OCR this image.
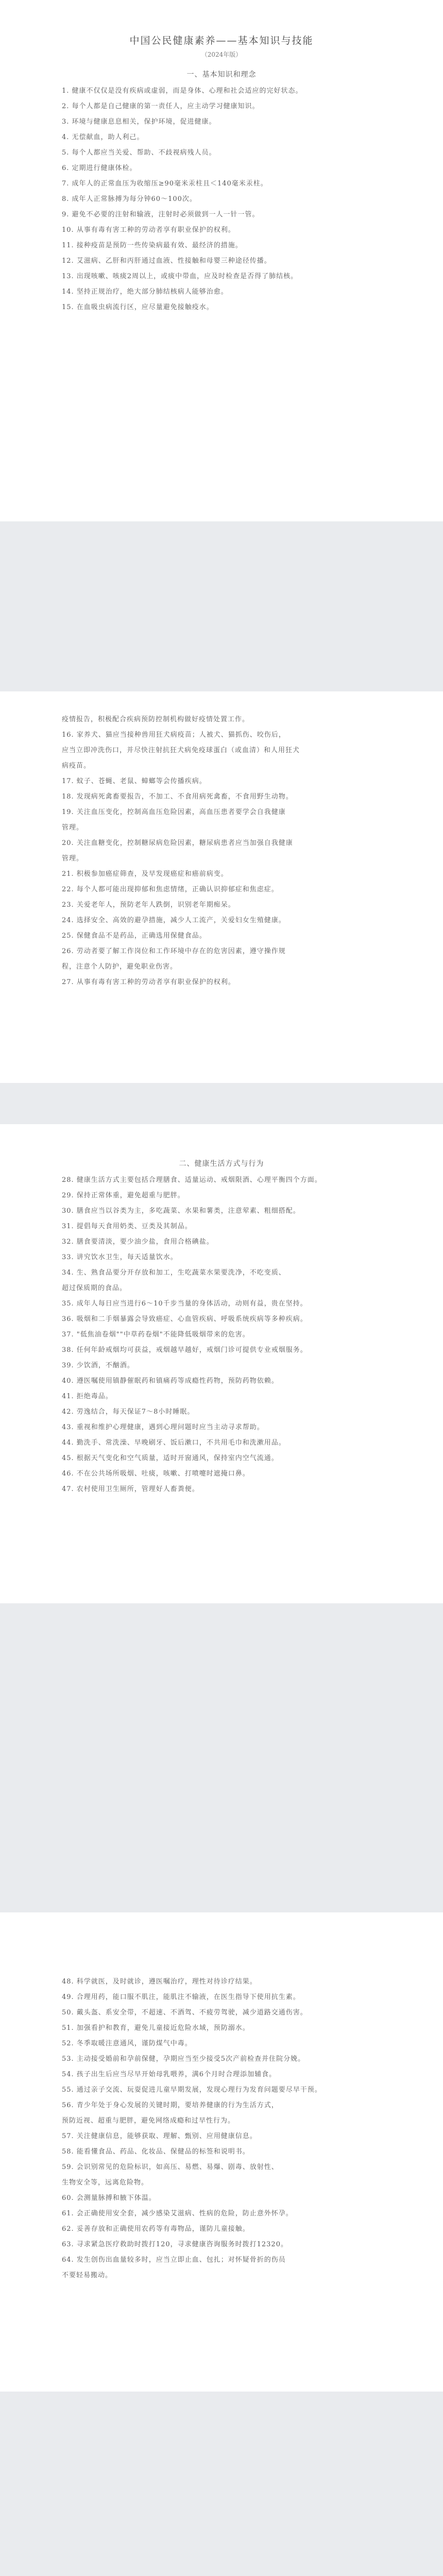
中国公民健康素养——基本知识与技能
（2024年版）
一、基本知识和理念
1. 健康不仅仅是没有疾病或虚弱，而是身体、心理和社会适应的完好状态。
2. 每个人都是自己健康的第一责任人，应主动学习健康知识。
3. 环境与健康息息相关，保护环境，促进健康。
4. 无偿献血，助人利己。
5. 每个人都应当关爱、帮助、不歧视病残人员。
6. 定期进行健康体检。
7. 成年人的正常血压为收缩压≥90毫米汞柱且＜140毫米汞柱。
8. 成年人正常脉搏为每分钟60～100次。
9. 避免不必要的注射和输液，注射时必须做到一人一针一管。
10. 从事有毒有害工种的劳动者享有职业保护的权利。
11. 接种疫苗是预防一些传染病最有效、最经济的措施。
12. 艾滋病、乙肝和丙肝通过血液、性接触和母婴三种途径传播。
13. 出现咳嗽、咳痰2周以上，或痰中带血，应及时检查是否得了肺结核。
14. 坚持正规治疗，绝大部分肺结核病人能够治愈。
15. 在血吸虫病流行区，应尽量避免接触疫水。
疫情报告，积极配合疾病预防控制机构做好疫情处置工作。
16. 家养犬、猫应当接种兽用狂犬病疫苗；人被犬、猫抓伤、咬伤后，
应当立即冲洗伤口，并尽快注射抗狂犬病免疫球蛋白（或血清）和人用狂犬
病疫苗。
17. 蚊子、苍蝇、老鼠、蟑螂等会传播疾病。
18. 发现病死禽畜要报告，不加工、不食用病死禽畜，不食用野生动物。
19. 关注血压变化，控制高血压危险因素，高血压患者要学会自我健康
管理。
20. 关注血糖变化，控制糖尿病危险因素，糖尿病患者应当加强自我健康
管理。
21. 积极参加癌症筛查，及早发现癌症和癌前病变。
22. 每个人都可能出现抑郁和焦虑情绪，正确认识抑郁症和焦虑症。
23. 关爱老年人，预防老年人跌倒，识别老年期痴呆。
24. 选择安全、高效的避孕措施，减少人工流产，关爱妇女生殖健康。
25. 保健食品不是药品，正确选用保健食品。
26. 劳动者要了解工作岗位和工作环境中存在的危害因素，遵守操作规
程，注意个人防护，避免职业伤害。
27. 从事有毒有害工种的劳动者享有职业保护的权利。
二、健康生活方式与行为
28. 健康生活方式主要包括合理膳食、适量运动、戒烟限酒、心理平衡四个方面。
29. 保持正常体重，避免超重与肥胖。
30. 膳食应当以谷类为主，多吃蔬菜、水果和薯类，注意荤素、粗细搭配。
31. 提倡每天食用奶类、豆类及其制品。
32. 膳食要清淡，要少油少盐，食用合格碘盐。
33. 讲究饮水卫生，每天适量饮水。
34. 生、熟食品要分开存放和加工，生吃蔬菜水果要洗净，不吃变质、
超过保质期的食品。
35. 成年人每日应当进行6～10千步当量的身体活动，动则有益，贵在坚持。
36. 吸烟和二手烟暴露会导致癌症、心血管疾病、呼吸系统疾病等多种疾病。
37. "低焦油卷烟""中草药卷烟"不能降低吸烟带来的危害。
38. 任何年龄戒烟均可获益，戒烟越早越好，戒烟门诊可提供专业戒烟服务。
39. 少饮酒，不酗酒。
40. 遵医嘱使用镇静催眠药和镇痛药等成瘾性药物，预防药物依赖。
41. 拒绝毒品。
42. 劳逸结合，每天保证7～8小时睡眠。
43. 重视和维护心理健康，遇到心理问题时应当主动寻求帮助。
44. 勤洗手、常洗澡、早晚刷牙、饭后漱口，不共用毛巾和洗漱用品。
45. 根据天气变化和空气质量，适时开窗通风，保持室内空气流通。
46. 不在公共场所吸烟、吐痰，咳嗽、打喷嚏时遮掩口鼻。
47. 农村使用卫生厕所，管理好人畜粪便。
48. 科学就医，及时就诊，遵医嘱治疗，理性对待诊疗结果。
49. 合理用药，能口服不肌注，能肌注不输液，在医生指导下使用抗生素。
50. 戴头盔、系安全带，不超速、不酒驾、不疲劳驾驶，减少道路交通伤害。
51. 加强看护和教育，避免儿童接近危险水域，预防溺水。
52. 冬季取暖注意通风，谨防煤气中毒。
53. 主动接受婚前和孕前保健，孕期应当至少接受5次产前检查并住院分娩。
54. 孩子出生后应当尽早开始母乳喂养，满6个月时合理添加辅食。
55. 通过亲子交流、玩耍促进儿童早期发展，发现心理行为发育问题要尽早干预。
56. 青少年处于身心发展的关键时期，要培养健康的行为生活方式，
预防近视、超重与肥胖，避免网络成瘾和过早性行为。
57. 关注健康信息，能够获取、理解、甄别、应用健康信息。
58. 能看懂食品、药品、化妆品、保健品的标签和说明书。
59. 会识别常见的危险标识，如高压、易燃、易爆、剧毒、放射性、
生物安全等，远离危险物。
60. 会测量脉搏和腋下体温。
61. 会正确使用安全套，减少感染艾滋病、性病的危险，防止意外怀孕。
62. 妥善存放和正确使用农药等有毒物品，谨防儿童接触。
63. 寻求紧急医疗救助时拨打120，寻求健康咨询服务时拨打12320。
64. 发生创伤出血量较多时，应当立即止血、包扎；对怀疑骨折的伤员
不要轻易搬动。
